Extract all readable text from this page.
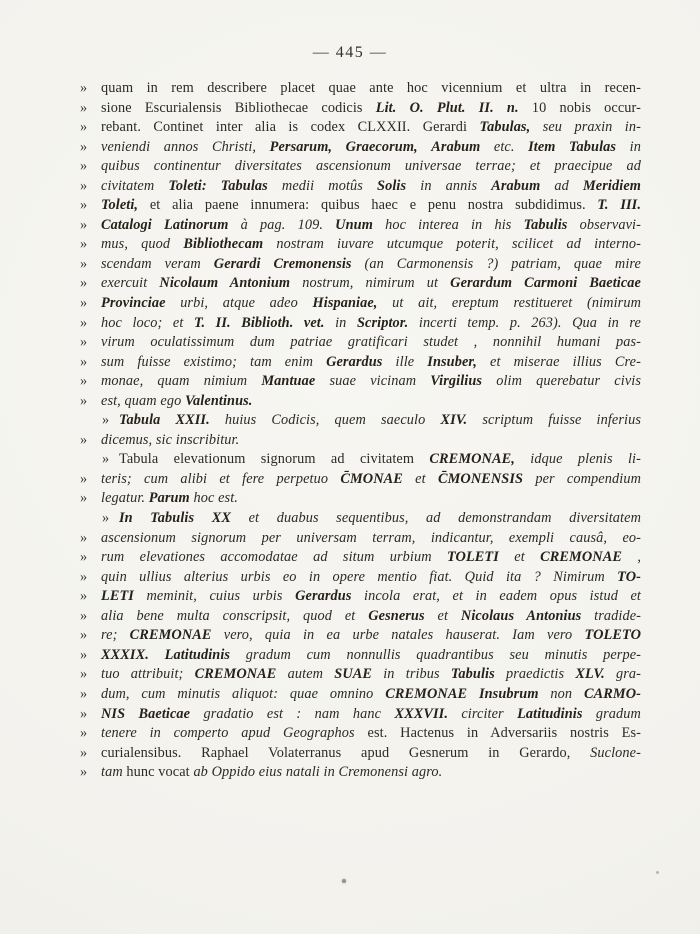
— 445 —
» quam in rem describere placet quae ante hoc vicennium et ultra in recen-
» sione Escurialensis Bibliothecae codicis Lit. O. Plut. II. n. 10 nobis occur-
» rebant. Continet inter alia is codex CLXXII. Gerardi Tabulas, seu praxin in-
» veniendi annos Christi, Persarum, Graecorum, Arabum etc. Item Tabulas in
» quibus continentur diversitates ascensionum universae terrae; et praecipue ad
» civitatem Toleti: Tabulas medii motûs Solis in annis Arabum ad Meridiem
» Toleti, et alia paene innumera: quibus haec e penu nostra subdidimus. T. III.
» Catalogi Latinorum à pag. 109. Unum hoc interea in his Tabulis observavi-
» mus, quod Bibliothecam nostram iuvare utcumque poterit, scilicet ad interno-
» scendam veram Gerardi Cremonensis (an Carmonensis ?) patriam, quae mire
» exercuit Nicolaum Antonium nostrum, nimirum ut Gerardum Carmoni Baeticae
» Provinciae urbi, atque adeo Hispaniae, ut ait, ereptum restitueret (nimirum
» hoc loco; et T. II. Biblioth. vet. in Scriptor. incerti temp. p. 263). Qua in re
» virum oculatissimum dum patriae gratificari studet , nonnihil humani pas-
» sum fuisse existimo; tam enim Gerardus ille Insuber, et miserae illius Cre-
» monae, quam nimium Mantuae suae vicinam Virgilius olim querebatur civis
» est, quam ego Valentinus.
» Tabula XXII. huius Codicis, quem saeculo XIV. scriptum fuisse inferius
» dicemus, sic inscribitur.
» Tabula elevationum signorum ad civitatem CREMONAE, idque plenis li-
» teris; cum alibi et fere perpetuo C̄MONAE et C̄MONENSIS per compendium
» legatur. Parum hoc est.
» In Tabulis XX et duabus sequentibus, ad demonstrandam diversitatem
» ascensionum signorum per universam terram, indicantur, exempli causâ, eo-
» rum elevationes accomodatae ad situm urbium TOLETI et CREMONAE ,
» quin ullius alterius urbis eo in opere mentio fiat. Quid ita ? Nimirum TO-
» LETI meminit, cuius urbis Gerardus incola erat, et in eadem opus istud et
» alia bene multa conscripsit, quod et Gesnerus et Nicolaus Antonius tradide-
» re; CREMONAE vero, quia in ea urbe natales hauserat. Iam vero TOLETO
» XXXIX. Latitudinis gradum cum nonnullis quadrantibus seu minutis perpe-
» tuo attribuit; CREMONAE autem SUAE in tribus Tabulis praedictis XLV. gra-
» dum, cum minutis aliquot: quae omnino CREMONAE Insubrum non CARMO-
» NIS Baeticae gradatio est : nam hanc XXXVII. circiter Latitudinis gradum
» tenere in comperto apud Geographos est. Hactenus in Adversariis nostris Es-
» curialensibus. Raphael Volaterranus apud Gesnerum in Gerardo, Suclone-
» tam hunc vocat ab Oppido eius natali in Cremonensi agro.
